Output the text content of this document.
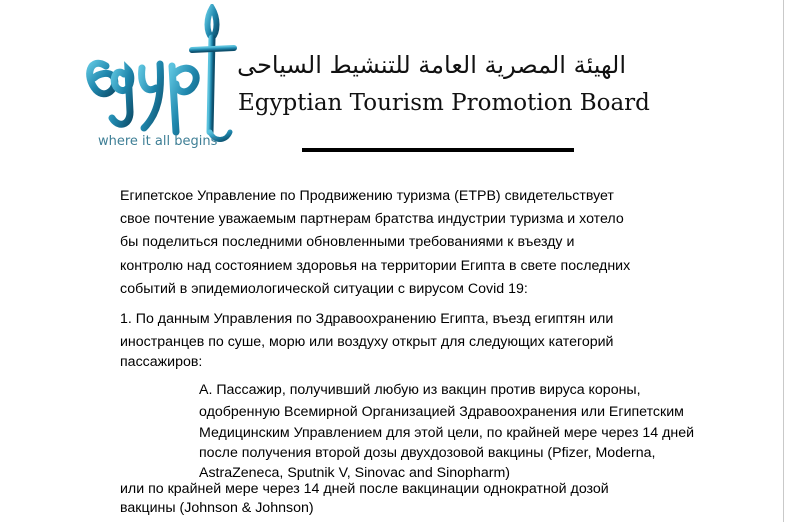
where it all begins
الهيئة المصرية العامة للتنشيط السياحى
Egyptian Tourism Promotion Board
Египетское Управление по Продвижению туризма (ETPB) свидетельствует
свое почтение уважаемым партнерам братства индустрии туризма и хотело
бы поделиться последними обновленными требованиями к въезду и
контролю над состоянием здоровья на территории Египта в свете последних
событий в эпидемиологической ситуации с вирусом Covid 19:
1. По данным Управления по Здравоохранению Египта, въезд египтян или
иностранцев по суше, морю или воздуху открыт для следующих категорий
пассажиров:
А. Пассажир, получивший любую из вакцин против вируса короны,
одобренную Всемирной Организацией Здравоохранения или Египетским
Медицинским Управлением для этой цели, по крайней мере через 14 дней
после получения второй дозы двухдозовой вакцины (Pfizer, Moderna,
AstraZeneca, Sputnik V, Sinovac and Sinopharm)
или по крайней мере через 14 дней после вакцинации однократной дозой
вакцины (Johnson & Johnson)
